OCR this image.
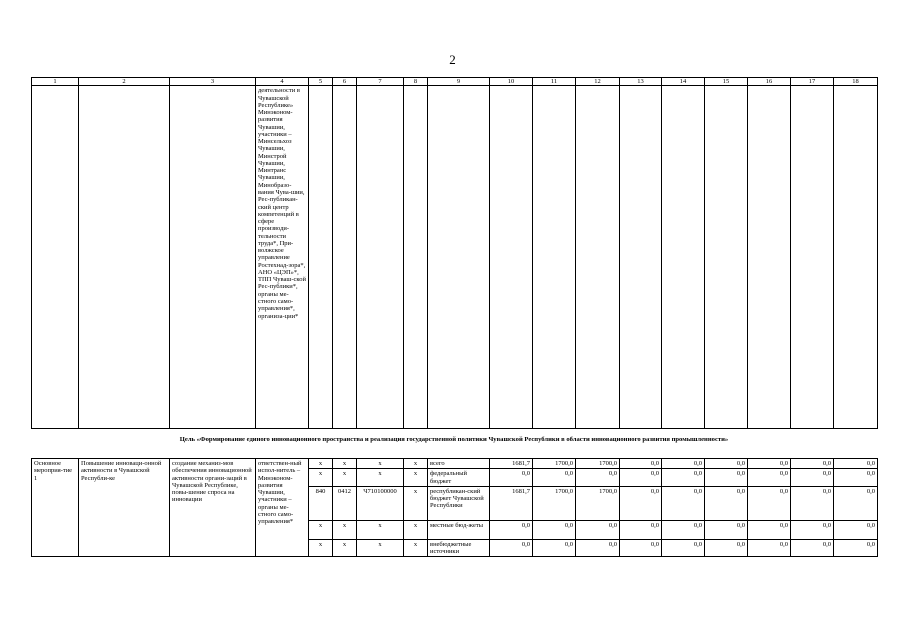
2
1	2	3	4	5	6	7	8	9	10	11	12	13	14	15	16	17	18
			деятельности в Чувашской Республике» Минэконом-развития Чувашии, участники – Минсельхоз Чувашии, Минстрой Чувашии, Минтранс Чувашии, Минобразо-вания Чува-шии, Рес-публикан-ский центр компетенций в сфере производи-тельности труда*, При-волжское управление Ростехнад-зора*, АНО «ЦЭП»*, ТПП Чуваш-ской Рес-публики*, органы ме-стного само-управления*, организа-ции*														
Цель «Формирование единого инновационного пространства и реализация государственной политики Чувашской Республики в области инновационного развития промышленности»
Основное мероприя-тие 1	Повышение инноваци-онной активности в Чувашской Республи-ке	создание механиз-мов обеспечения инновационной активности органи-заций в Чувашской Республике, повы-шение спроса на инновации	ответствен-ный испол-нитель – Минэконом-развития Чувашии, участники – органы ме-стного само-управления*	х	х	х	х	всего	1681,7	1700,0	1700,0	0,0	0,0	0,0	0,0	0,0	0,0
				х	х	х	х	федеральный бюджет	0,0	0,0	0,0	0,0	0,0	0,0	0,0	0,0	0,0
				840	0412	Ч710100000	х	республикан-ский бюджет Чувашской Республики	1681,7	1700,0	1700,0	0,0	0,0	0,0	0,0	0,0	0,0
				х	х	х	х	местные бюд-жеты	0,0	0,0	0,0	0,0	0,0	0,0	0,0	0,0	0,0
				х	х	х	х	внебюджетные источники	0,0	0,0	0,0	0,0	0,0	0,0	0,0	0,0	0,0
